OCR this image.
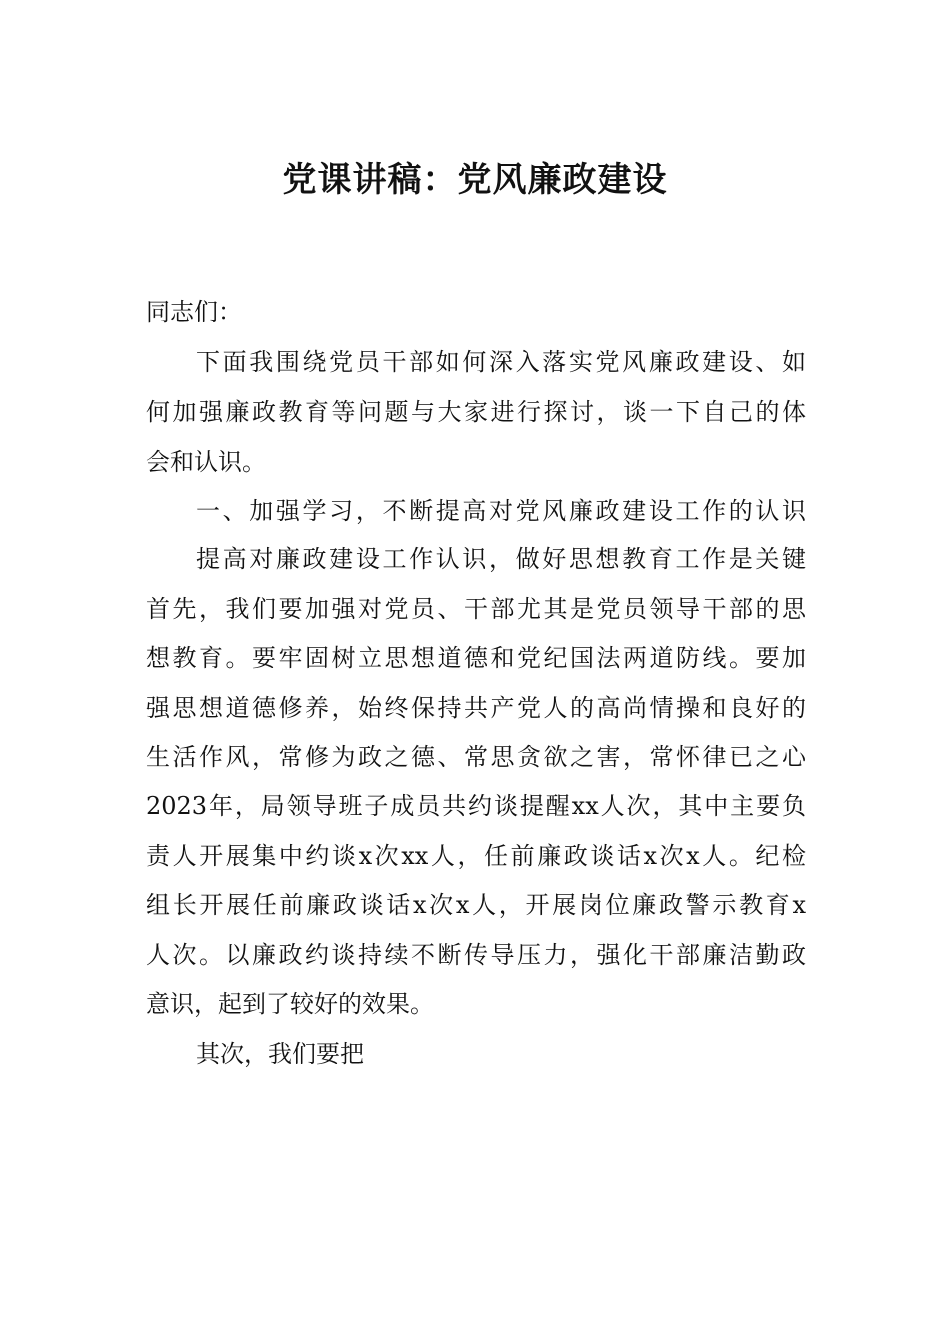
党课讲稿：党风廉政建设
同志们：
下面我围绕党员干部如何深入落实党风廉政建设、如
何加强廉政教育等问题与大家进行探讨，谈一下自己的体
会和认识。
一、加强学习，不断提高对党风廉政建设工作的认识
提高对廉政建设工作认识，做好思想教育工作是关键
首先，我们要加强对党员、干部尤其是党员领导干部的思
想教育。要牢固树立思想道德和党纪国法两道防线。要加
强思想道德修养，始终保持共产党人的高尚情操和良好的
生活作风，常修为政之德、常思贪欲之害，常怀律已之心
2023年，局领导班子成员共约谈提醒xx人次，其中主要负
责人开展集中约谈x次xx人，任前廉政谈话x次x人。纪检
组长开展任前廉政谈话x次x人，开展岗位廉政警示教育x
人次。以廉政约谈持续不断传导压力，强化干部廉洁勤政
意识，起到了较好的效果。
其次，我们要把
